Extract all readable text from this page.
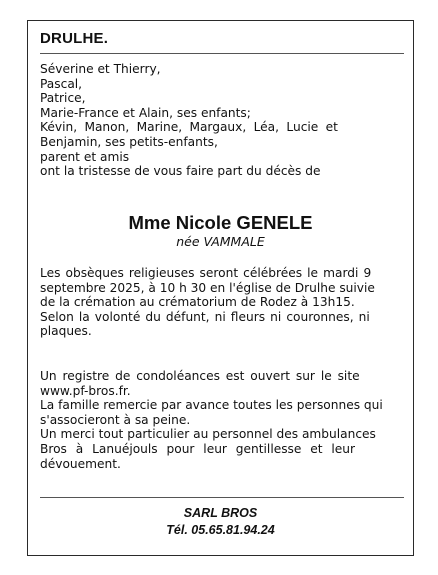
DRULHE.
Séverine et Thierry,
Pascal,
Patrice,
Marie-France et Alain, ses enfants;
Kévin, Manon, Marine, Margaux, Léa, Lucie et
Benjamin, ses petits-enfants,
parent et amis
ont la tristesse de vous faire part du décès de
Mme Nicole GENELE
née VAMMALE
Les obsèques religieuses seront célébrées le mardi 9
septembre 2025, à 10 h 30 en l'église de Drulhe suivie
de la crémation au crématorium de Rodez à 13h15.
Selon la volonté du défunt, ni fleurs ni couronnes, ni
plaques.
Un registre de condoléances est ouvert sur le site
www.pf-bros.fr.
La famille remercie par avance toutes les personnes qui
s'associeront à sa peine.
Un merci tout particulier au personnel des ambulances
Bros à Lanuéjouls pour leur gentillesse et leur
dévouement.
SARL BROS
Tél. 05.65.81.94.24
